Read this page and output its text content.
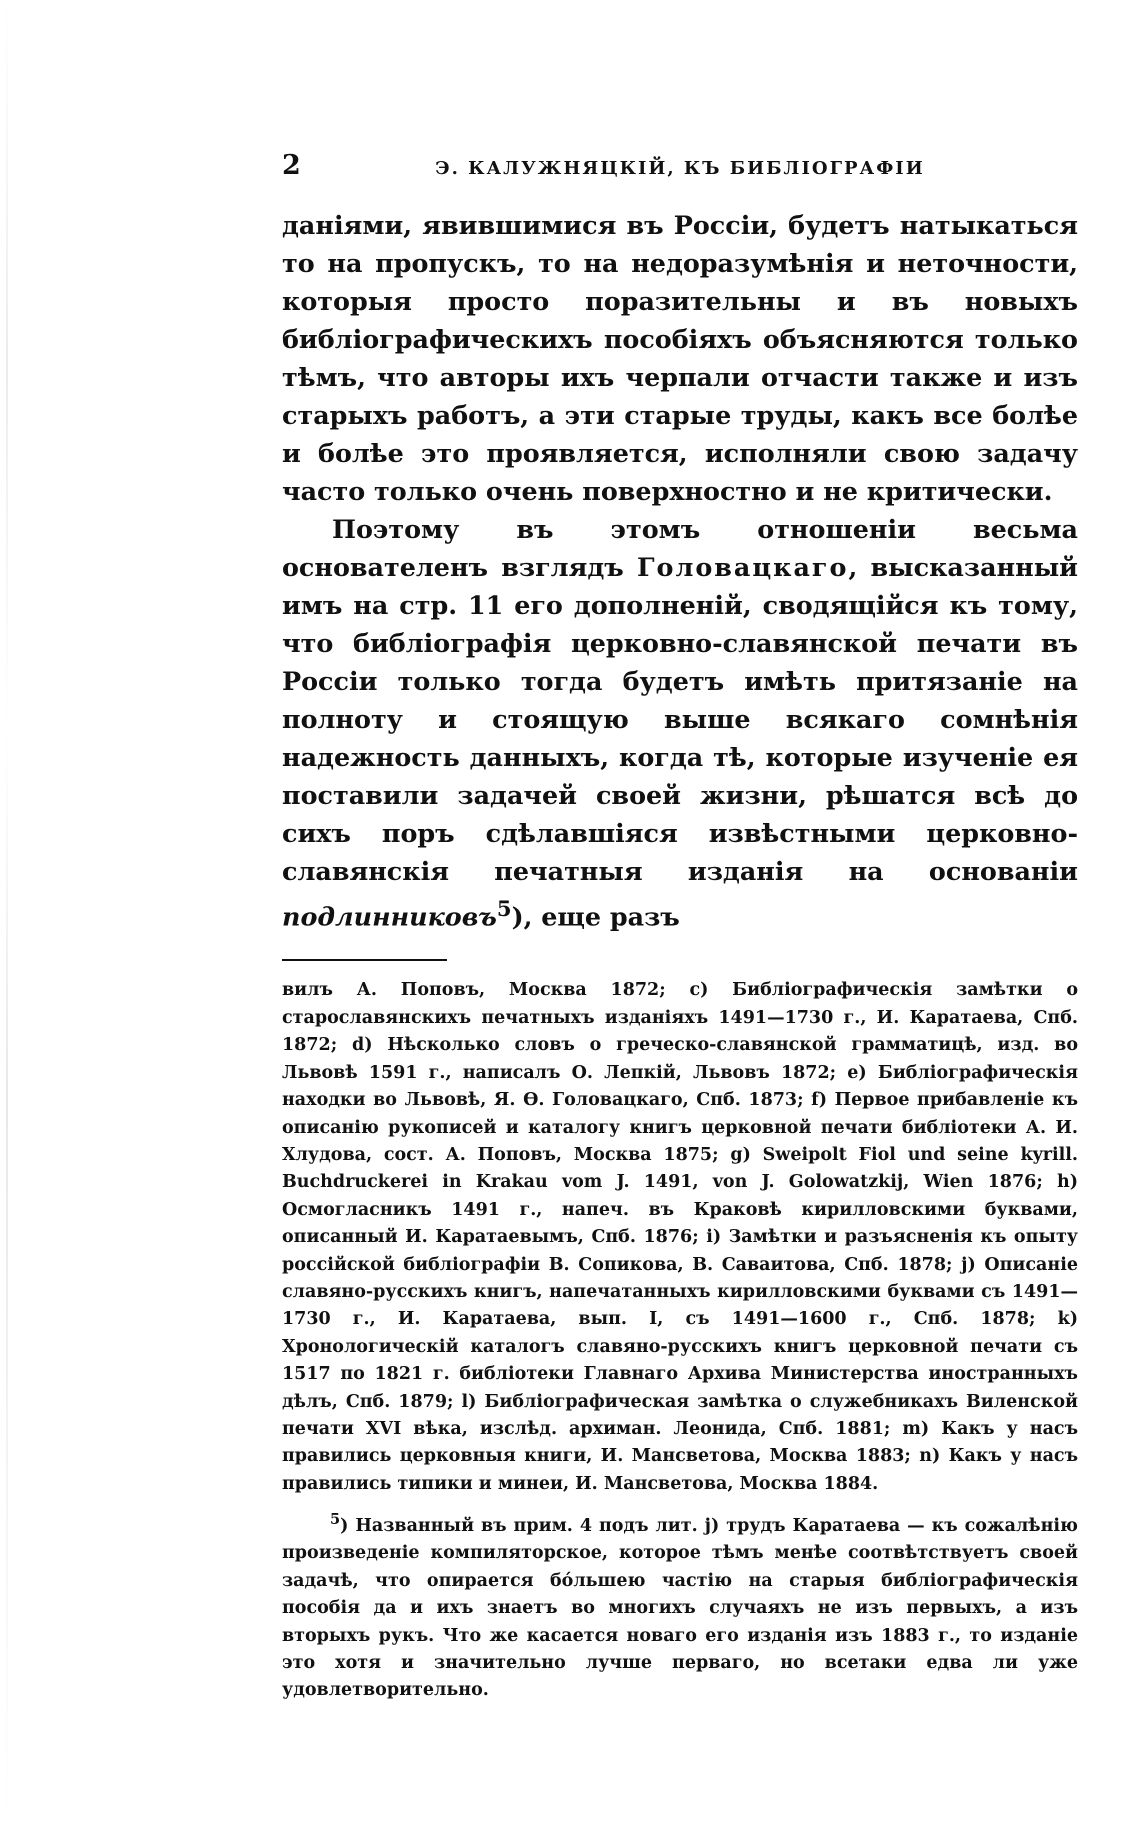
2	Э. КАЛУЖНЯЦКІЙ, КЪ БИБЛІОГРАФІИ

даніями, явившимися въ Россіи, будетъ натыкаться то на пропускъ, то на недоразумѣнія и неточности, которыя просто поразительны и въ новыхъ библіографическихъ пособіяхъ объясняются только тѣмъ, что авторы ихъ черпали отчасти также и изъ старыхъ работъ, а эти старые труды, какъ все болѣе и болѣе это проявляется, исполняли свою задачу часто только очень поверхностно и не критически.

Поэтому въ этомъ отношеніи весьма основателенъ взглядъ Головацкаго, высказанный имъ на стр. 11 его дополненій, сводящійся къ тому, что библіографія церковно-славянской печати въ Россіи только тогда будетъ имѣть притязаніе на полноту и стоящую выше всякаго сомнѣнія надежность данныхъ, когда тѣ, которые изученіе ея поставили задачей своей жизни, рѣшатся всѣ до сихъ поръ сдѣлавшіяся извѣстными церковно-славянскія печатныя изданія на основаніи подлинниковъ$^5$), еще разъ

вилъ А. Поповъ, Москва 1872; c) Библіографическія замѣтки о старославянскихъ печатныхъ изданіяхъ 1491—1730 г., И. Каратаева, Спб. 1872; d) Нѣсколько словъ о греческо-славянской грамматицѣ, изд. во Львовѣ 1591 г., написалъ О. Лепкій, Львовъ 1872; e) Библіографическія находки во Львовѣ, Я. Ѳ. Головацкаго, Спб. 1873; f) Первое прибавленіе къ описанію рукописей и каталогу книгъ церковной печати библіотеки А. И. Хлудова, сост. А. Поповъ, Москва 1875; g) Sweipolt Fiol und seine kyrill. Buchdruckerei in Krakau vom J. 1491, von J. Golowatzkij, Wien 1876; h) Осмогласникъ 1491 г., напеч. въ Краковѣ кирилловскими буквами, описанный И. Каратаевымъ, Спб. 1876; i) Замѣтки и разъясненія къ опыту россійской библіографіи В. Сопикова, В. Саваитова, Спб. 1878; j) Описаніе славяно-русскихъ книгъ, напечатанныхъ кирилловскими буквами съ 1491—1730 г., И. Каратаева, вып. I, съ 1491—1600 г., Спб. 1878; k) Хронологическій каталогъ славяно-русскихъ книгъ церковной печати съ 1517 по 1821 г. библіотеки Главнаго Архива Министерства иностранныхъ дѣлъ, Спб. 1879; l) Библіографическая замѣтка о служебникахъ Виленской печати XVI вѣка, изслѣд. архиман. Леонида, Спб. 1881; m) Какъ у насъ правились церковныя книги, И. Мансветова, Москва 1883; n) Какъ у насъ правились типики и минеи, И. Мансветова, Москва 1884.

$^5$) Названный въ прим. 4 подъ лит. j) трудъ Каратаева — къ сожалѣнію произведеніе компиляторское, которое тѣмъ менѣе соотвѣтствуетъ своей задачѣ, что опирается бо́льшею частію на старыя библіографическія пособія да и ихъ знаетъ во многихъ случаяхъ не изъ первыхъ, а изъ вторыхъ рукъ. Что же касается новаго его изданія изъ 1883 г., то изданіе это хотя и значительно лучше перваго, но всетаки едва ли уже удовлетворительно.
